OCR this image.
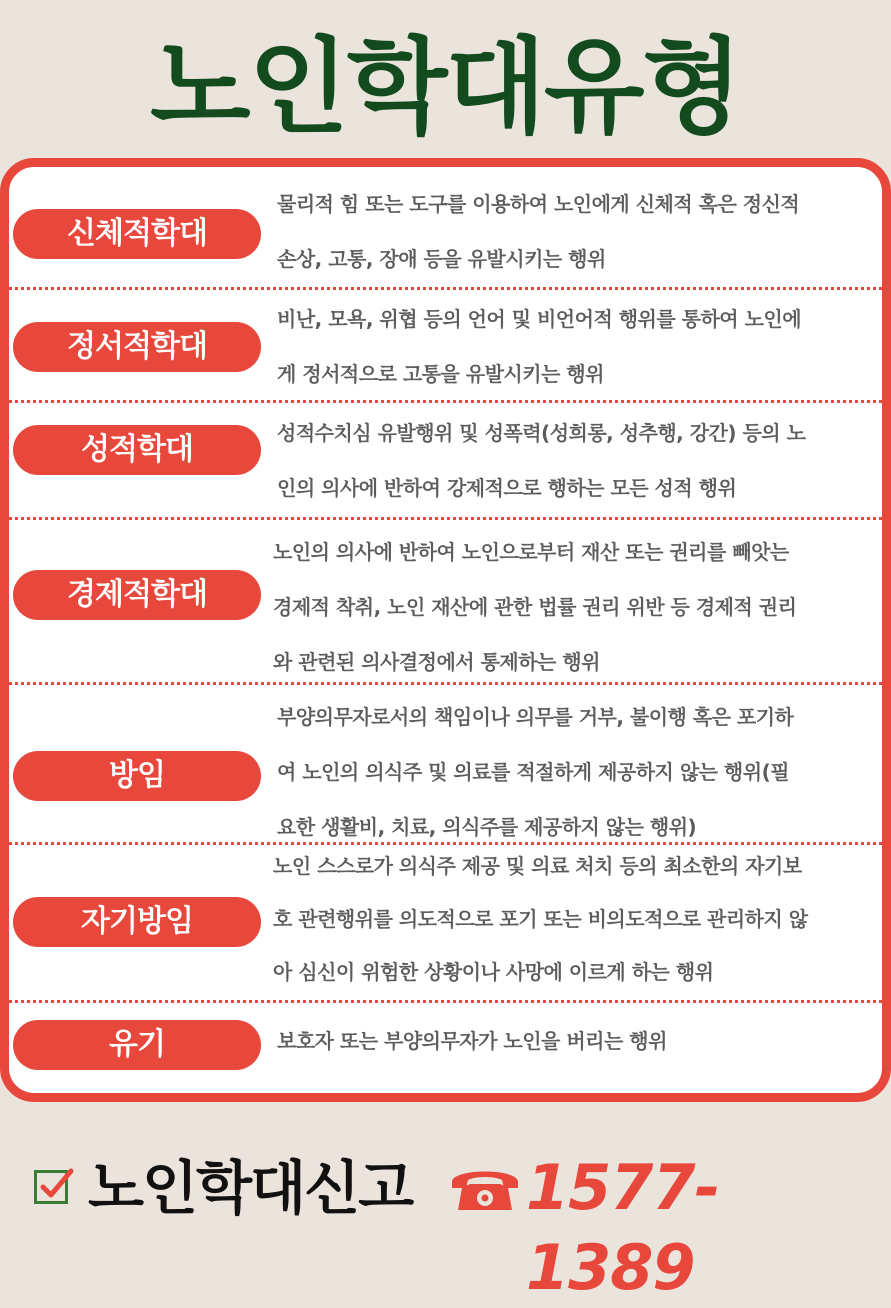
노인학대유형
신체적학대
물리적 힘 또는 도구를 이용하여 노인에게 신체적 혹은 정신적
손상, 고통, 장애 등을 유발시키는 행위
정서적학대
비난, 모욕, 위협 등의 언어 및 비언어적 행위를 통하여 노인에
게 정서적으로 고통을 유발시키는 행위
성적학대	성적수치심 유발행위 및 성폭력(성희롱, 성추행, 강간) 등의 노
인의 의사에 반하여 강제적으로 행하는 모든 성적 행위
경제적학대
노인의 의사에 반하여 노인으로부터 재산 또는 권리를 빼앗는
경제적 착취, 노인 재산에 관한 법률 권리 위반 등 경제적 권리
와 관련된 의사결정에서 통제하는 행위
방임
부양의무자로서의 책임이나 의무를 거부, 불이행 혹은 포기하
여 노인의 의식주 및 의료를 적절하게 제공하지 않는 행위(필
요한 생활비, 치료, 의식주를 제공하지 않는 행위)
자기방임
노인 스스로가 의식주 제공 및 의료 처치 등의 최소한의 자기보
호 관련행위를 의도적으로 포기 또는 비의도적으로 관리하지 않
아 심신이 위험한 상황이나 사망에 이르게 하는 행위
유기	보호자 또는 부양의무자가 노인을 버리는 행위
노인학대신고 1577-1389
